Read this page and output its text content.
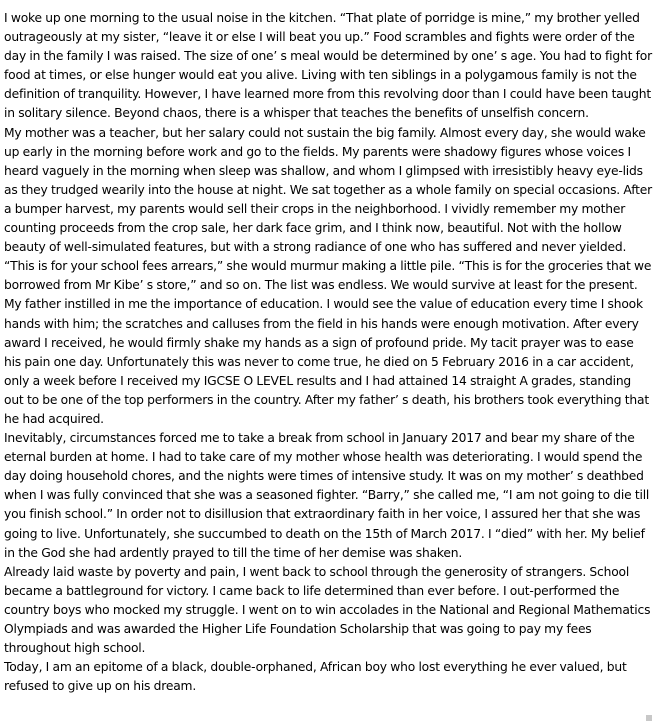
I woke up one morning to the usual noise in the kitchen. “That plate of porridge is mine,” my brother yelled outrageously at my sister, “leave it or else I will beat you up.” Food scrambles and fights were order of the day in the family I was raised. The size of one’ s meal would be determined by one’ s age. You had to fight for food at times, or else hunger would eat you alive. Living with ten siblings in a polygamous family is not the definition of tranquility. However, I have learned more from this revolving door than I could have been taught in solitary silence. Beyond chaos, there is a whisper that teaches the benefits of unselfish concern.

My mother was a teacher, but her salary could not sustain the big family. Almost every day, she would wake up early in the morning before work and go to the fields. My parents were shadowy figures whose voices I heard vaguely in the morning when sleep was shallow, and whom I glimpsed with irresistibly heavy eye-lids as they trudged wearily into the house at night. We sat together as a whole family on special occasions. After a bumper harvest, my parents would sell their crops in the neighborhood. I vividly remember my mother counting proceeds from the crop sale, her dark face grim, and I think now, beautiful. Not with the hollow beauty of well-simulated features, but with a strong radiance of one who has suffered and never yielded. “This is for your school fees arrears,” she would murmur making a little pile. “This is for the groceries that we borrowed from Mr Kibe’ s store,” and so on. The list was endless. We would survive at least for the present.

My father instilled in me the importance of education. I would see the value of education every time I shook hands with him; the scratches and calluses from the field in his hands were enough motivation. After every award I received, he would firmly shake my hands as a sign of profound pride. My tacit prayer was to ease his pain one day. Unfortunately this was never to come true, he died on 5 February 2016 in a car accident, only a week before I received my IGCSE O LEVEL results and I had attained 14 straight A grades, standing out to be one of the top performers in the country. After my father’ s death, his brothers took everything that he had acquired.

Inevitably, circumstances forced me to take a break from school in January 2017 and bear my share of the eternal burden at home. I had to take care of my mother whose health was deteriorating. I would spend the day doing household chores, and the nights were times of intensive study. It was on my mother’ s deathbed when I was fully convinced that she was a seasoned fighter. “Barry,” she called me, “I am not going to die till you finish school.” In order not to disillusion that extraordinary faith in her voice, I assured her that she was going to live. Unfortunately, she succumbed to death on the 15th of March 2017. I “died” with her. My belief in the God she had ardently prayed to till the time of her demise was shaken.

Already laid waste by poverty and pain, I went back to school through the generosity of strangers. School became a battleground for victory. I came back to life determined than ever before. I out-performed the country boys who mocked my struggle. I went on to win accolades in the National and Regional Mathematics Olympiads and was awarded the Higher Life Foundation Scholarship that was going to pay my fees throughout high school.

Today, I am an epitome of a black, double-orphaned, African boy who lost everything he ever valued, but refused to give up on his dream.
